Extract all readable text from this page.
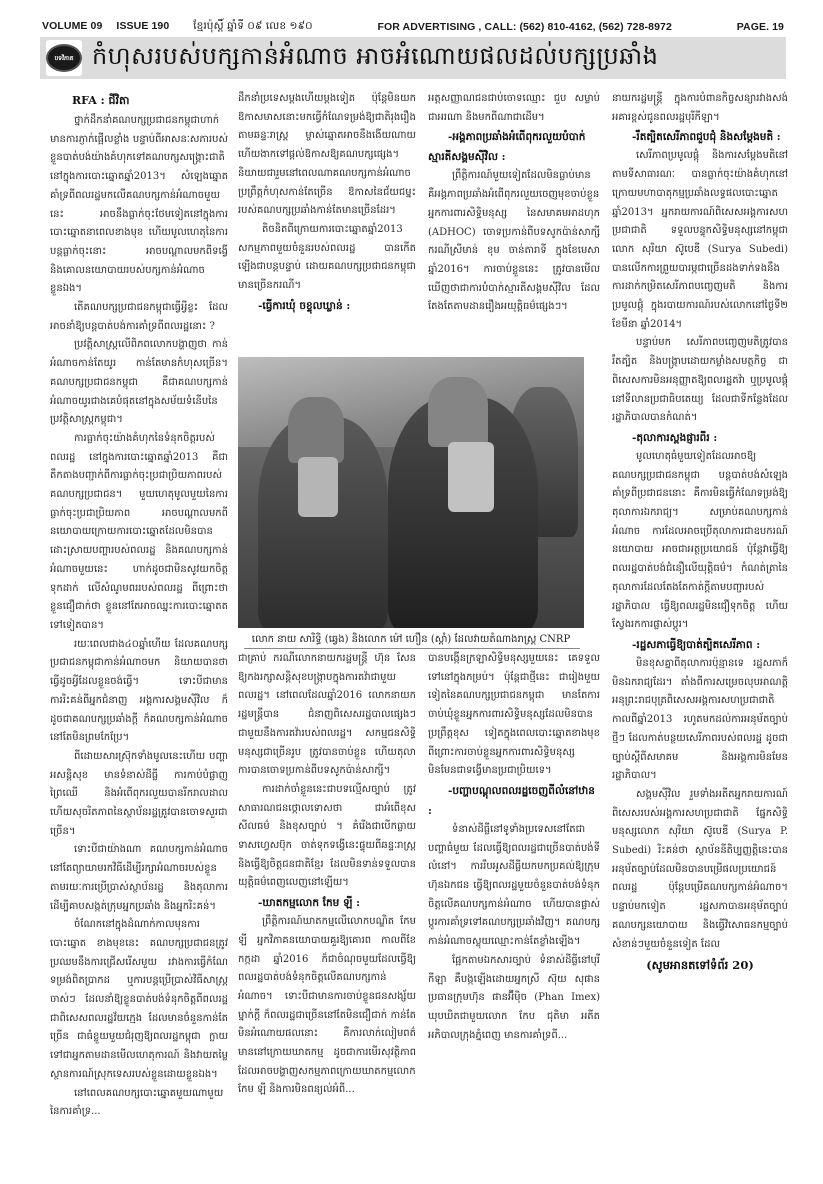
VOLUME 09 ISSUE 190 ខ្មែរប៉ុស្តិ៍ ឆ្នាំទី ០៩ លេខ ១៩០	FOR ADVERTISING , CALL: (562) 810-4162, (562) 728-8972	PAGE. 19
បទវិភាគ កំហុសរបស់បក្សកាន់អំណាច អាចអំណោយផលដល់បក្សប្រឆាំង

RFA : ជីវិតា

ថ្នាក់ដឹកនាំគណបក្សប្រជាជនកម្ពុជាហាក់មានការភ្ញាក់ផ្អើលខ្លាំង បន្ទាប់ពីអាសនៈសភារបស់ខ្លួនបាត់បង់យ៉ាងគំហុកទៅគណបក្សសង្គ្រោះជាតិ នៅក្នុងការបោះឆ្នោតឆ្នាំ2013។ សំឡេងឆ្នោតគាំទ្រពីពលរដ្ឋមកលើគណបក្សកាន់អំណាចមួយនេះ អាចនឹងធ្លាក់ចុះថែមទៀតនៅក្នុងការបោះឆ្នោតនាពេលខាងមុខ ហើយមូលហេតុនៃការបន្តធ្លាក់ចុះនោះ អាចបណ្តាលមកពីទង្វើ និងគោលនយោបាយរបស់បក្សកាន់អំណាចខ្លួនឯង។

តើគណបក្សប្រជាជនកម្ពុជាធ្វើអ្វីខ្លះ ដែលអាចនាំឱ្យបន្តបាត់បង់ការគាំទ្រពីពលរដ្ឋនោះ ?

ប្រវត្តិសាស្ត្រលើពិភពលោកបង្ហាញថា កាន់អំណាចកាន់តែយូរ កាន់តែមានកំហុសច្រើន។ គណបក្សប្រជាជនកម្ពុជា គឺជាគណបក្សកាន់អំណាចយូរជាងគេបំផុតនៅក្នុងសម័យទំនើបនៃប្រវត្តិសាស្ត្រកម្ពុជា។

ការធ្លាក់ចុះយ៉ាងគំហុកនៃទំនុកចិត្តរបស់ពលរដ្ឋ នៅក្នុងការបោះឆ្នោតឆ្នាំ2013 គឺជាតឹកតាងបញ្ជាក់ពីការធ្លាក់ចុះប្រជាប្រិយភាពរបស់គណបក្សប្រជាជន។ មួយហេតុមូលមួយនៃការធ្លាក់ចុះប្រជាប្រិយភាព អាចបណ្តាលមកពីនយោបាយក្រោយការបោះឆ្នោតដែលមិនបានដោះស្រាយបញ្ហារបស់ពលរដ្ឋ និងគណបក្សកាន់អំណាចមួយនេះ ហាក់ដូចជាមិនសូវយកចិត្តទុកដាក់ លើសំណូមពររបស់ពលរដ្ឋ ពីព្រោះថាខ្លួនជឿជាក់ថា ខ្លួននៅតែអាចឈ្នះការបោះឆ្នោតតទៅទៀតបាន។

រយៈពេលជាង៤០ឆ្នាំហើយ ដែលគណបក្សប្រជាជនកម្ពុជាកាន់អំណាចមក និយាយបានថា ធ្វើដូចអ្វីដែលខ្លួនចង់ធ្វើ។ ទោះបីជាមានការរិះគន់ពីអ្នកជំនាញ អង្គការសង្គមស៊ីវិល ក៏ដូចជាគណបក្សប្រឆាំងក្តី ក៏គណបក្សកាន់អំណាចនៅតែមិនព្រមកែប្រែ។

ពីដោយសារស្រ៊ុកទាំងមូលនេះហើយ បញ្ហាអសន្តិសុខ មានទំនាស់ដីធ្លី ការកាប់បំផ្លាញព្រៃឈើ និងអំពើពុករលួយបានរីករាលដាល ហើយសុចរិតភាពនៃស្ថាប័នរដ្ឋត្រូវបានចោទសួរជាច្រើន។

ទោះបីជាយ៉ាងណា គណបក្សកាន់អំណាចនៅតែព្យាយាមរកវិធីដើម្បីរក្សាអំណាចរបស់ខ្លួន តាមរយៈការប្រើប្រាស់ស្ថាប័នរដ្ឋ និងតុលាការ ដើម្បីគាបសង្កត់ក្រុមអ្នកប្រឆាំង និងអ្នករិះគន់។

ចំណែកនៅក្នុងដំណាក់កាលមុនការបោះឆ្នោត ខាងមុខនេះ គណបក្សប្រជាជនត្រូវប្រឈមនឹងការជ្រើសរើសមួយ រវាងការធ្វើកំណែទម្រង់ពិតប្រាកដ ឬការបន្តប្រើប្រាស់វិធីសាស្ត្រចាស់ៗ ដែលនាំឱ្យខ្លួនបាត់បង់ទំនុកចិត្តពីពលរដ្ឋ ជាពិសេសពលរដ្ឋវ័យក្មេង ដែលមានចំនួនកាន់តែច្រើន ជាធំខ្លួយមួយជំរុញឱ្យពលរដ្ឋកម្ពុជា ក្លាយទៅជាអ្នកតាមដានមើលហេតុការណ៍ និងវាយតម្លៃស្ថានការណ៍ស្រុកទេសរបស់ខ្លួនដោយខ្លួនឯង។

នៅពេលគណបក្សបោះឆ្នោតមួយណាមួយនៃការគាំទ្រ...

ដឹកនាំប្រទេសម្តងហើយម្តងទៀត ប៉ុន្តែមិនយកឱកាសមាសនោះមកធ្វើកំណែទម្រង់ឱ្យជាតិរុងរឿងតាមឆន្ទៈរាស្ត្រ ម្ចាស់ឆ្នោតអាចនឹងងើយណាយ ហើយងាកទៅផ្តល់ឱកាសឱ្យគណបក្សផ្សេង។ និយាយជារួមនៅពេលណាគណបក្សកាន់អំណាចប្រព្រឹត្តកំហុសកាន់តែច្រើន ឱកាសនៃជ័យជម្នះរបស់គណបក្សប្រឆាំងកាន់តែមានច្រើនដែរ។

តិចនិតពីក្រោយការបោះឆ្នោតឆ្នាំ2013 សកម្មភាពមួយចំនួនរបស់ពលរដ្ឋ បានកើតឡើងជាបន្តបន្ទាប់ ដោយគណបក្សប្រជាជនកម្ពុជា មានច្រើនករណី។

-ធ្វើការឃុំ ចខ្ទុលឃ្លាន់ :

អត្តសញ្ញាណជនជាប់ចោទឈ្មោះ ជួប សម្លាប់ជាអរណា និងមកពីណាជាដើម។

-អង្គភាពប្រឆាំងអំពើពុករលួយបំបាក់ស្មារតីសង្គមស៊ីវិល :

ព្រឹត្តិការណ៍មួយទៀតដែលមិនធ្លាប់មាន គឺអង្គភាពប្រឆាំងអំពើពុករលួយចេញមុខចាប់ខ្លួនអ្នកការពារសិទ្ធិមនុស្ស នៃសមាគមអាដហុក (ADHOC) ចោទប្រកាន់ពីបទសូកប៉ាន់សាក្សីករណីស្រីមាន់ ខុម ចាន់តារាទី ក្នុងខែមេសា ឆ្នាំ2016។ ការចាប់ខ្លួននេះ ត្រូវបានមើលឃើញថាជាការបំបាក់ស្មារតីសង្គមស៊ីវិល ដែលតែងតែតាមដានរឿងអយុត្តិធម៌ផ្សេងៗ។

នាយករដ្ឋមន្ត្រី ក្នុងការបំពានកិច្ចសន្យារវាងសង់អគារខ្ពស់ជូនពលរដ្ឋបុរីកីឡា។

-រឹតត្បិតសេរីភាពជួបជុំ និងសម្តែងមតិ :

សេរីភាពប្រមូលផ្តុំ និងការសម្តែងមតិនៅតាមទីសាធារណៈ បានធ្លាក់ចុះយ៉ាងគំហុកនៅក្រោយមហាបាតុកម្មប្រឆាំងលទ្ធផលបោះឆ្នោតឆ្នាំ2013។ អ្នករាយការណ៍ពិសេសអង្គការសហប្រជាជាតិ ទទួលបន្ទុកសិទ្ធិមនុស្សនៅកម្ពុជា លោក សុរិយា ស៊ូបេឌី (Surya Subedi) បានលើកការព្រួយបារម្ភជាច្រើនដងទាក់ទងនឹងការដាក់កម្រិតសេរីភាពបញ្ចេញមតិ និងការប្រមូលផ្តុំ ក្នុងរបាយការណ៍របស់លោកនៅថ្ងៃទី២ ខែមីនា ឆ្នាំ2014។

បន្ទាប់មក សេរីភាពបញ្ចេញមតិត្រូវបានរឹតត្បិត និងបង្ក្រាបដោយកម្លាំងសមត្ថកិច្ច ជាពិសេសការមិនអនុញ្ញាតឱ្យពលរដ្ឋតវ៉ា ឬប្រមូលផ្តុំនៅទីលានប្រជាធិបតេយ្យ ដែលជាទីកន្លែងដែលរដ្ឋាភិបាលបានកំណត់។

-តុលាការស្ពងផ្ញារពីរ :

មូលហេតុធំមួយទៀតដែលអាចឱ្យគណបក្សប្រជាជនកម្ពុជា បន្តបាត់បង់សំឡេងគាំទ្រពីប្រជាជននោះ គឺការមិនធ្វើកំណែទម្រង់ឱ្យតុលាការឯករាជ្យ។ សម្រាប់គណបក្សកាន់អំណាច ការដែលអាចប្រើតុលាការជាឧបករណ៍នយោបាយ អាចជាអត្ថប្រយោជន៍ ប៉ុន្តែវាធ្វើឱ្យពលរដ្ឋបាត់បង់ជំនឿលើយុត្តិធម៌។ កំណត់ត្រានៃតុលាការដែលតែងតែកាត់ក្តីតាមបញ្ជារបស់រដ្ឋាភិបាល ធ្វើឱ្យពលរដ្ឋមិនជឿទុកចិត្ត ហើយស្វែងរកការផ្លាស់ប្តូរ។

-រដ្ឋសភាធ្វើឱ្យបាត់ត្បិតសេរីភាព :

មិនខុសគ្នាពីតុលាការប៉ុន្មានទេ រដ្ឋសភាក៏មិនឯករាជ្យដែរ។ តាំងពីការសម្រេចលុបអាណត្តិអនុព្រះរាជបុត្រពិសេសអង្គការសហប្រជាជាតិ កាលពីឆ្នាំ2013 រហូតមកដល់ការអនុម័តច្បាប់ថ្មីៗ ដែលកាត់បន្ថយសេរីភាពរបស់ពលរដ្ឋ ដូចជាច្បាប់ស្តីពីសមាគម និងអង្គការមិនមែនរដ្ឋាភិបាល។

សង្គមស៊ីវិល រួមទាំងអតីតអ្នករាយការណ៍ពិសេសរបស់អង្គការសហប្រជាជាតិ ផ្នែកសិទ្ធិមនុស្សលោក សុរិយា ស៊ូបេឌី (Surya P. Subedi) រិះគន់ថា ស្ថាប័ននីតិប្បញ្ញត្តិនេះបានអនុម័តច្បាប់ដែលមិនបានបម្រើផលប្រយោជន៍ពលរដ្ឋ ប៉ុន្តែបម្រើគណបក្សកាន់អំណាច។ បន្ទាប់មកទៀត រដ្ឋសភាបានអនុម័តច្បាប់គណបក្សនយោបាយ និងធ្វើវិសោធនកម្មច្បាប់សំខាន់ៗមួយចំនួនទៀត ដែល

(សូមអានតទៅទំព័រ 20)

លោក នាយ សារិទ្ធិ (ឆ្វេង) និងលោក ម៉ៅ ហឿន (ស្តាំ) ដែលវាយតំណាងរាស្ត្រ CNRP

ជាគ្រាប់ ករណីលោកនាយករដ្ឋមន្ត្រី ហ៊ុន សែន ឱ្យកងរក្សាសន្តិសុខបង្ក្រាបក្នុងការតវ៉ាជាមួយពលរដ្ឋ។ នៅពេលដែលឆ្នាំ2016 លោកនាយករដ្ឋមន្ត្រីបាន ជំនាញពិសេសរដ្ឋបាលផ្សេងៗ ជាមួយនឹងការតវ៉ារបស់ពលរដ្ឋ។ សកម្មជនសិទ្ធិមនុស្សជាច្រើនរូប ត្រូវបានចាប់ខ្លួន ហើយតុលាការបានចោទប្រកាន់ពីបទសូកប៉ាន់សាក្សី។

ការដាក់ចាំខ្លួននេះជាបទល្មើសច្បាប់ ត្រូវសាធារណជនថ្កោលទោសថា ជាអំពើខុសសីលធម៌ និងខុសច្បាប់ ។ គំរើងជាបើកធ្លាយ ទាសហ្វេសប៊ុក ចាត់ទុកទង្វើនេះផ្ទុយពីឆន្ទៈរាស្ត្រ និងធ្វើឱ្យចិត្តជនជាតិខ្មែរ ដែលមិនទាន់ទទួលបានយុត្តិធម៌ពេញលេញនៅឡើយ។

-ឃាតកម្មលោក កែម ឡី :

ព្រឹត្តិការណ៍ឃាតកម្មលើលោកបណ្ឌិត កែម ឡី អ្នកវិភាគនយោបាយគួរឱ្យគោរព កាលពីខែកក្កដា ឆ្នាំ2016 ក៏ជាចំណុចមួយដែលធ្វើឱ្យពលរដ្ឋបាត់បង់ទំនុកចិត្តលើគណបក្សកាន់អំណាច។ ទោះបីជាមានការចាប់ខ្លួនជនសង្ស័យម្នាក់ក្តី ក៏ពលរដ្ឋជាច្រើននៅតែមិនជឿជាក់ កាន់តែមិនអំណោយផលនោះ គឺការលាក់លៀមពត៌មាននៅក្រោយឃាតកម្ម ដូចជាការមើរសុវត្ថិភាពដែលអាចបង្ហាញសកម្មភាពក្រោយឃាតកម្មលោក កែម ឡី និងការមិនពន្យល់អំពី...

បានបង្កើនក្រឡាសិទ្ធិមនុស្សមួយនេះ គេទទួលទៅនៅក្នុងកម្រប់។ ប៉ុន្តែជាថ្មីនេះ ជារៀងមួយទៀតនៃគណបក្សប្រជាជនកម្ពុជា មានតែការចាប់ឃុំខ្លួនអ្នកការពារសិទ្ធិមនុស្សដែលមិនបានប្រព្រឹត្តខុស ទៀតក្នុងពេលបោះឆ្នោតខាងមុខ ពីព្រោះការចាប់ខ្លួនអ្នកការពារសិទ្ធិមនុស្ស មិនមែនជាទង្វើមានប្រជាប្រិយទេ។

-បញ្ហាបណ្តុលពលរដ្ឋចេញពីលំនៅឋាន :

ទំនាស់ដីធ្លីនៅទូទាំងប្រទេសនៅតែជាបញ្ហាធំមួយ ដែលធ្វើឱ្យពលរដ្ឋជាច្រើនបាត់បង់ទីលំនៅ។ ការរឹបអូសដីធ្លីយកមកប្រគល់ឱ្យក្រុមហ៊ុនឯកជន ធ្វើឱ្យពលរដ្ឋមួយចំនួនបាត់បង់ទំនុកចិត្តលើគណបក្សកាន់អំណាច ហើយបានផ្លាស់ប្តូរការគាំទ្រទៅគណបក្សប្រឆាំងវិញ។ គណបក្សកាន់អំណាចស្លុយឈ្មោះកាន់តែខ្លាំងឡើង។

ផ្អែកតាមឯកសារច្បាប់ ទំនាស់ដីធ្លីនៅបុរីកីឡា គឺបង្កឡើងដោយអ្នកស្រី ស៊ុយ សុផាន ប្រធានក្រុមហ៊ុន ផានអ៊ីម៉ិច (Phan Imex) ឃុបឃិតជាមួយលោក កែប ជុតិមា អតីតអភិបាលក្រុងភ្នំពេញ មានការគាំទ្រពី...
